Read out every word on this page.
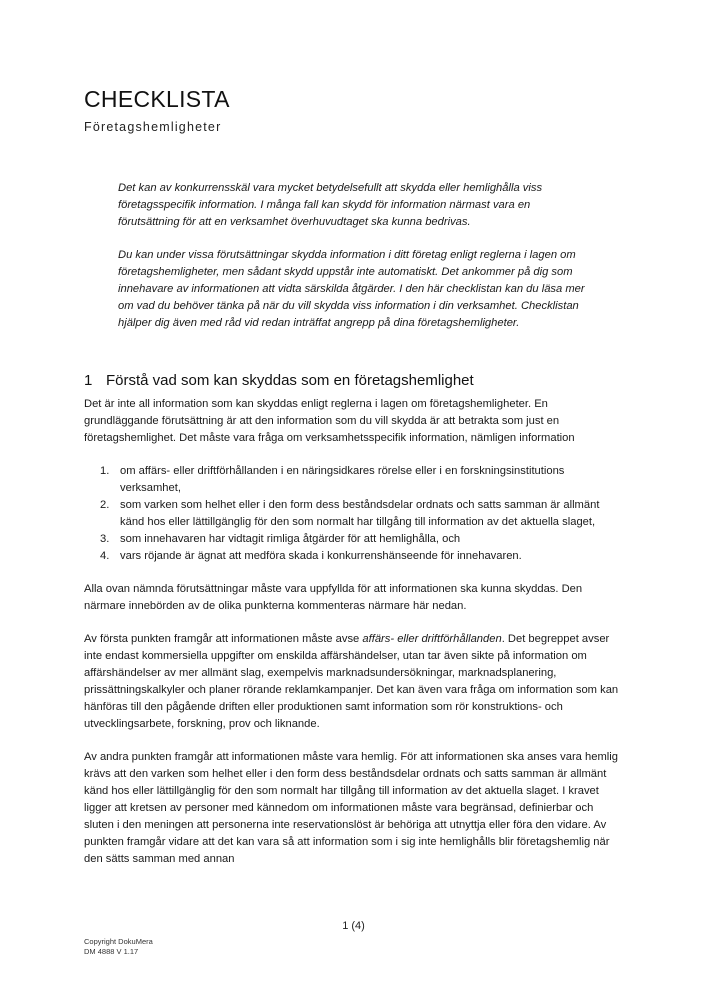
CHECKLISTA
Företagshemligheter

Det kan av konkurrensskäl vara mycket betydelsefullt att skydda eller hemlighålla viss företagsspecifik information. I många fall kan skydd för information närmast vara en förutsättning för att en verksamhet överhuvudtaget ska kunna bedrivas.

Du kan under vissa förutsättningar skydda information i ditt företag enligt reglerna i lagen om företagshemligheter, men sådant skydd uppstår inte automatiskt. Det ankommer på dig som innehavare av informationen att vidta särskilda åtgärder. I den här checklistan kan du läsa mer om vad du behöver tänka på när du vill skydda viss information i din verksamhet. Checklistan hjälper dig även med råd vid redan inträffat angrepp på dina företagshemligheter.

1 Förstå vad som kan skyddas som en företagshemlighet

Det är inte all information som kan skyddas enligt reglerna i lagen om företagshemligheter. En grundläggande förutsättning är att den information som du vill skydda är att betrakta som just en företagshemlighet. Det måste vara fråga om verksamhetsspecifik information, nämligen information

1. om affärs- eller driftförhållanden i en näringsidkares rörelse eller i en forskningsinstitutions verksamhet,
2. som varken som helhet eller i den form dess beståndsdelar ordnats och satts samman är allmänt känd hos eller lättillgänglig för den som normalt har tillgång till information av det aktuella slaget,
3. som innehavaren har vidtagit rimliga åtgärder för att hemlighålla, och
4. vars röjande är ägnat att medföra skada i konkurrenshänseende för innehavaren.

Alla ovan nämnda förutsättningar måste vara uppfyllda för att informationen ska kunna skyddas. Den närmare innebörden av de olika punkterna kommenteras närmare här nedan.

Av första punkten framgår att informationen måste avse affärs- eller driftförhållanden. Det begreppet avser inte endast kommersiella uppgifter om enskilda affärshändelser, utan tar även sikte på information om affärshändelser av mer allmänt slag, exempelvis marknadsundersökningar, marknadsplanering, prissättningskalkyler och planer rörande reklamkampanjer. Det kan även vara fråga om information som kan hänföras till den pågående driften eller produktionen samt information som rör konstruktions- och utvecklingsarbete, forskning, prov och liknande.

Av andra punkten framgår att informationen måste vara hemlig. För att informationen ska anses vara hemlig krävs att den varken som helhet eller i den form dess beståndsdelar ordnats och satts samman är allmänt känd hos eller lättillgänglig för den som normalt har tillgång till information av det aktuella slaget. I kravet ligger att kretsen av personer med kännedom om informationen måste vara begränsad, definierbar och sluten i den meningen att personerna inte reservationslöst är behöriga att utnyttja eller föra den vidare. Av punkten framgår vidare att det kan vara så att information som i sig inte hemlighålls blir företagshemlig när den sätts samman med annan

1 (4)
Copyright DokuMera
DM 4888 V 1.17
